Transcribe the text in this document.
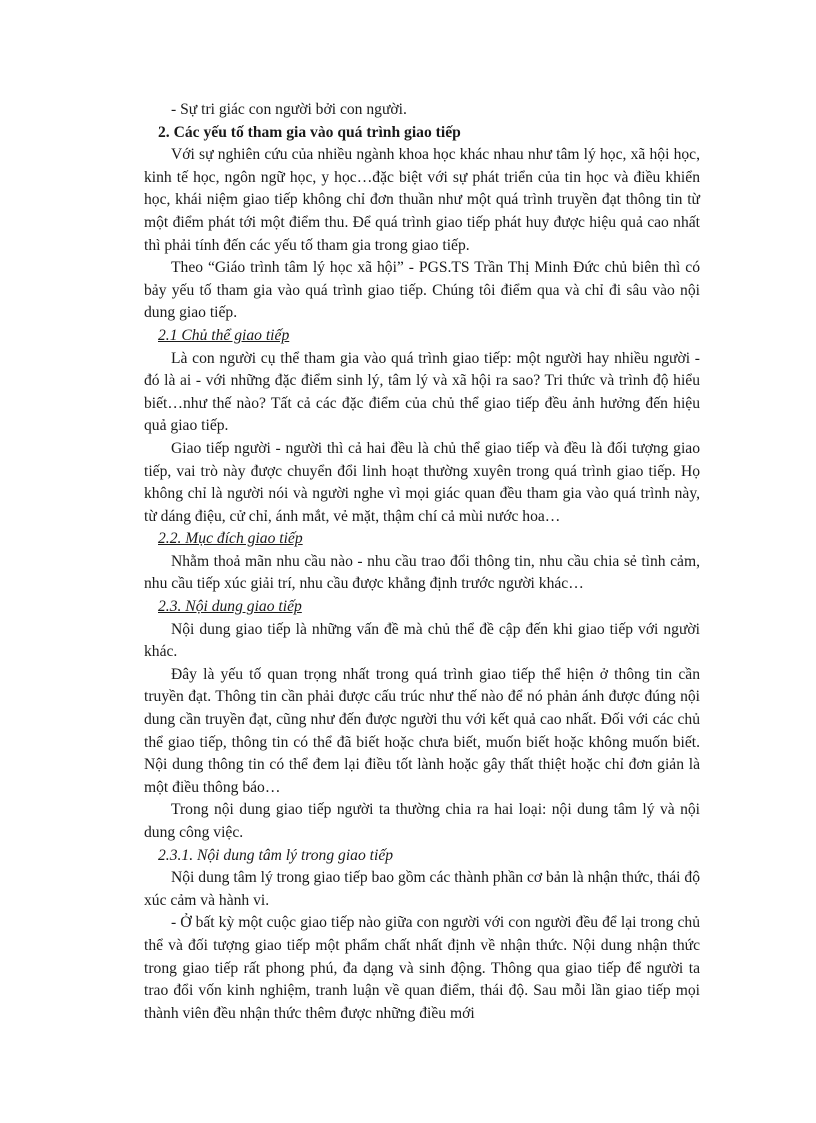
- Sự tri giác con người bởi con người.

2. Các yếu tố tham gia vào quá trình giao tiếp

Với sự nghiên cứu của nhiều ngành khoa học khác nhau như tâm lý học, xã hội học, kinh tế học, ngôn ngữ học, y học…đặc biệt với sự phát triển của tin học và điều khiển học, khái niệm giao tiếp không chỉ đơn thuần như một quá trình truyền đạt thông tin từ một điểm phát tới một điểm thu. Để quá trình giao tiếp phát huy được hiệu quả cao nhất thì phải tính đến các yếu tố tham gia trong giao tiếp.

Theo “Giáo trình tâm lý học xã hội” - PGS.TS Trần Thị Minh Đức chủ biên thì có bảy yếu tố tham gia vào quá trình giao tiếp. Chúng tôi điểm qua và chỉ đi sâu vào nội dung giao tiếp.

2.1 Chủ thể giao tiếp

Là con người cụ thể tham gia vào quá trình giao tiếp: một người hay nhiều người - đó là ai - với những đặc điểm sinh lý, tâm lý và xã hội ra sao? Tri thức và trình độ hiểu biết…như thế nào? Tất cả các đặc điểm của chủ thể giao tiếp đều ảnh hưởng đến hiệu quả giao tiếp.

Giao tiếp người - người thì cả hai đều là chủ thể giao tiếp và đều là đối tượng giao tiếp, vai trò này được chuyển đổi linh hoạt thường xuyên trong quá trình giao tiếp. Họ không chỉ là người nói và người nghe vì mọi giác quan đều tham gia vào quá trình này, từ dáng điệu, cử chỉ, ánh mắt, vẻ mặt, thậm chí cả mùi nước hoa…

2.2. Mục đích giao tiếp

Nhằm thoả mãn nhu cầu nào - nhu cầu trao đổi thông tin, nhu cầu chia sẻ tình cảm, nhu cầu tiếp xúc giải trí, nhu cầu được khẳng định trước người khác…

2.3. Nội dung giao tiếp

Nội dung giao tiếp là những vấn đề mà chủ thể đề cập đến khi giao tiếp với người khác.

Đây là yếu tố quan trọng nhất trong quá trình giao tiếp thể hiện ở thông tin cần truyền đạt. Thông tin cần phải được cấu trúc như thế nào để nó phản ánh được đúng nội dung cần truyền đạt, cũng như đến được người thu với kết quả cao nhất. Đối với các chủ thể giao tiếp, thông tin có thể đã biết hoặc chưa biết, muốn biết hoặc không muốn biết. Nội dung thông tin có thể đem lại điều tốt lành hoặc gây thất thiệt hoặc chỉ đơn giản là một điều thông báo…

Trong nội dung giao tiếp người ta thường chia ra hai loại: nội dung tâm lý và nội dung công việc.

2.3.1. Nội dung tâm lý trong giao tiếp

Nội dung tâm lý trong giao tiếp bao gồm các thành phần cơ bản là nhận thức, thái độ xúc cảm và hành vi.

- Ở bất kỳ một cuộc giao tiếp nào giữa con người với con người đều để lại trong chủ thể và đối tượng giao tiếp một phẩm chất nhất định về nhận thức. Nội dung nhận thức trong giao tiếp rất phong phú, đa dạng và sinh động. Thông qua giao tiếp để người ta trao đổi vốn kinh nghiệm, tranh luận về quan điểm, thái độ. Sau mỗi lần giao tiếp mọi thành viên đều nhận thức thêm được những điều mới
